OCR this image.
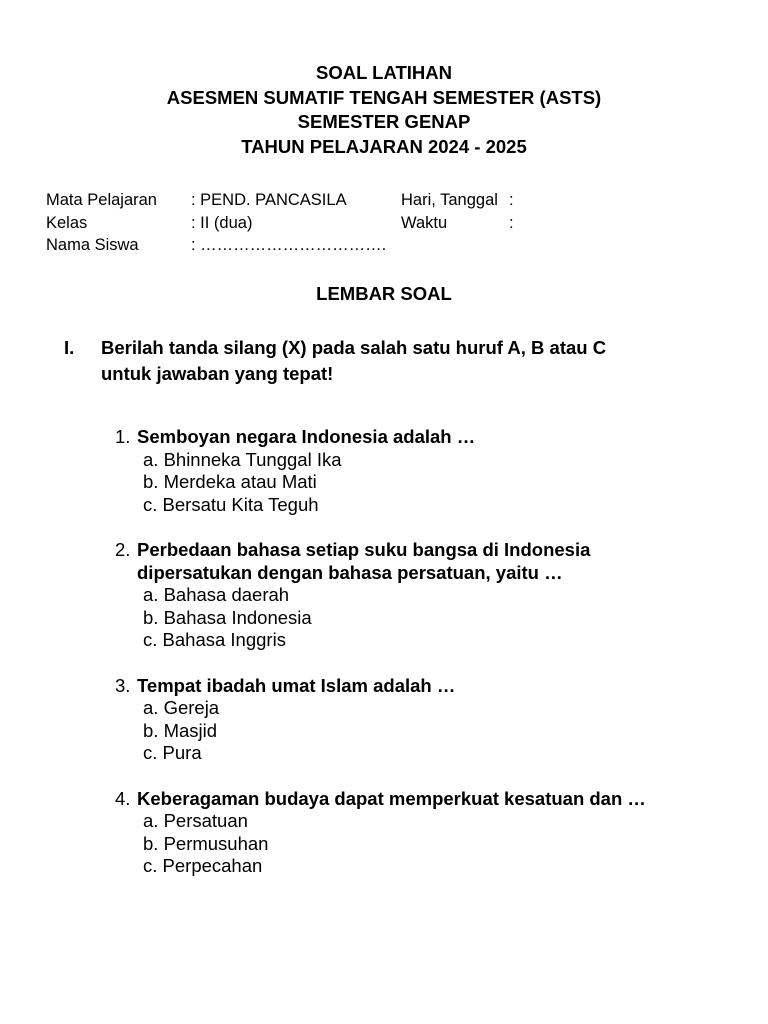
SOAL LATIHAN
ASESMEN SUMATIF TENGAH SEMESTER (ASTS)
SEMESTER GENAP
TAHUN PELAJARAN 2024 - 2025
Mata Pelajaran : PEND. PANCASILA	Hari, Tanggal :
Kelas	: II (dua)	Waktu	:
Nama Siswa	: …………………………….
LEMBAR SOAL
I. Berilah tanda silang (X) pada salah satu huruf A, B atau C
untuk jawaban yang tepat!
1. Semboyan negara Indonesia adalah …
a. Bhinneka Tunggal Ika
b. Merdeka atau Mati
c. Bersatu Kita Teguh
2. Perbedaan bahasa setiap suku bangsa di Indonesia
dipersatukan dengan bahasa persatuan, yaitu …
a. Bahasa daerah
b. Bahasa Indonesia
c. Bahasa Inggris
3. Tempat ibadah umat Islam adalah …
a. Gereja
b. Masjid
c. Pura
4. Keberagaman budaya dapat memperkuat kesatuan dan …
a. Persatuan
b. Permusuhan
c. Perpecahan
